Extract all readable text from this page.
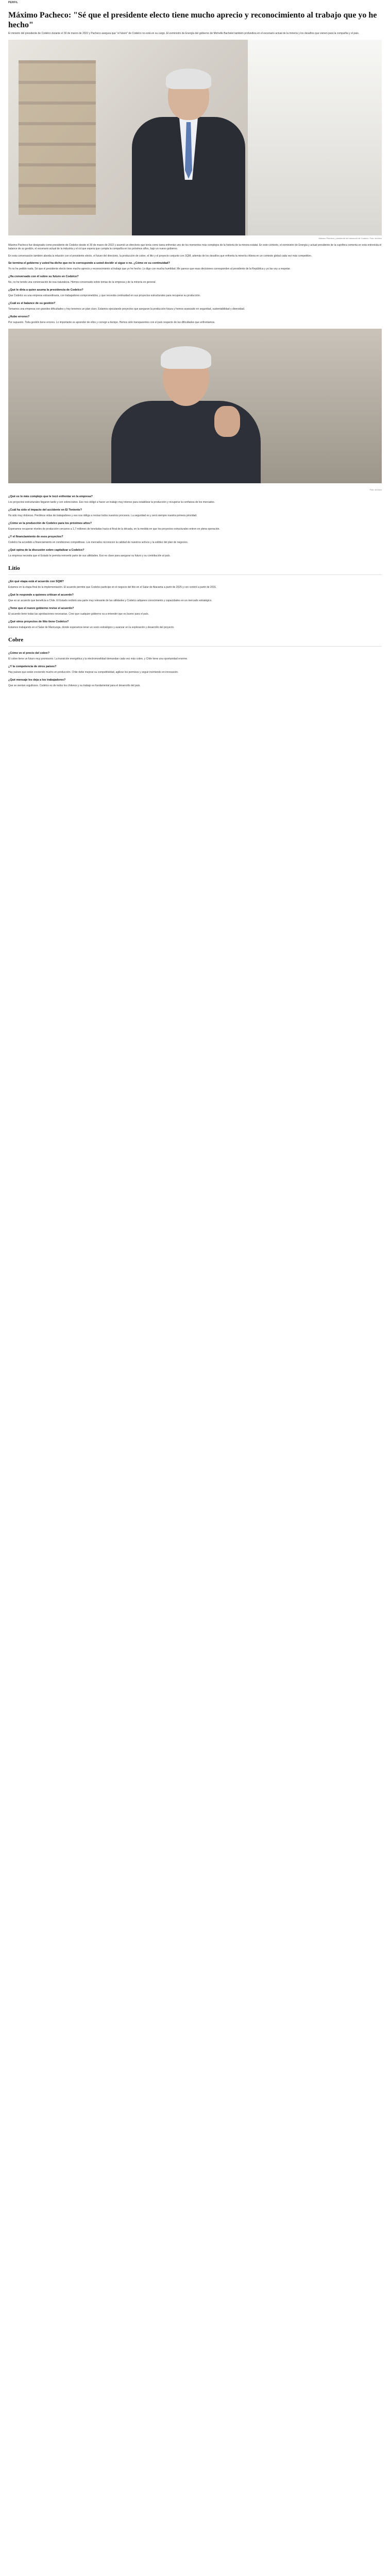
PERFIL
Máximo Pacheco: "Sé que el presidente electo tiene mucho aprecio y reconocimiento al trabajo que yo he hecho"

El ministro del presidente de Codelco durante el 30 de marzo de 2022 y Pacheco asegura que "el futuro" de Codelco no está en su cargo. El exministro de Energía del gobierno de Michelle Bachelet también profundiza en el escenario actual de la minería y los desafíos que vienen para la compañía y el país.

Máximo Pacheco, presidente del directorio de Codelco. Foto: Archivo

Máximo Pacheco fue designado como presidente de Codelco desde el 30 de marzo de 2022 y asumió un directorio que tenía como tarea enfrentar uno de los momentos más complejos de la historia de la minera estatal. En este contexto, el exministro de Energía y actual presidente de la cuprífera comenta en esta entrevista el balance de su gestión, el escenario actual de la industria y el rol que espera que cumpla la compañía en los próximos años, bajo un nuevo gobierno.

En esta conversación también aborda la relación con el presidente electo, el futuro del directorio, la producción de cobre, el litio y el proyecto conjunto con SQM, además de los desafíos que enfrenta la minería chilena en un contexto global cada vez más competitivo.

Se termina el gobierno y usted ha dicho que no le corresponde a usted decidir si sigue o no. ¿Cómo ve su continuidad?

Yo no he pedido nada. Sé que el presidente electo tiene mucho aprecio y reconocimiento al trabajo que yo he hecho. Lo digo con mucha humildad. Me parece que esas decisiones corresponden al presidente de la República y yo las voy a respetar.

¿Ha conversado con él sobre su futuro en Codelco?

No, no he tenido una conversación de esa naturaleza. Hemos conversado sobre temas de la empresa y de la minería en general.

¿Qué le diría a quien asuma la presidencia de Codelco?

Que Codelco es una empresa extraordinaria, con trabajadores comprometidos, y que necesita continuidad en sus proyectos estructurales para recuperar su producción.

¿Cuál es el balance de su gestión?

Tomamos una empresa con grandes dificultades y hoy tenemos un plan claro. Estamos ejecutando proyectos que aseguran la producción futura y hemos avanzado en seguridad, sustentabilidad y diversidad.

¿Hubo errores?

Por supuesto. Toda gestión tiene errores. Lo importante es aprender de ellos y corregir a tiempo. Hemos sido transparentes con el país respecto de las dificultades que enfrentamos.

Foto: Archivo

¿Qué es lo más complejo que le tocó enfrentar en la empresa?

Los proyectos estructurales llegaron tarde y con sobrecostos. Eso nos obligó a hacer un trabajo muy intenso para estabilizar la producción y recuperar la confianza de los mercados.

¿Cuál ha sido el impacto del accidente en El Teniente?

Ha sido muy doloroso. Perdimos vidas de trabajadores y eso nos obliga a revisar todos nuestros procesos. La seguridad es y será siempre nuestra primera prioridad.

¿Cómo ve la producción de Codelco para los próximos años?

Esperamos recuperar niveles de producción cercanos a 1,7 millones de toneladas hacia el final de la década, en la medida en que los proyectos estructurales entren en plena operación.

¿Y el financiamiento de esos proyectos?

Codelco ha accedido a financiamiento en condiciones competitivas. Los mercados reconocen la calidad de nuestros activos y la solidez del plan de negocios.

¿Qué opina de la discusión sobre capitalizar a Codelco?

La empresa necesita que el Estado le permita reinvertir parte de sus utilidades. Eso es clave para asegurar su futuro y su contribución al país.

Litio

¿En qué etapa está el acuerdo con SQM?

Estamos en la etapa final de la implementación. El acuerdo permite que Codelco participe en el negocio del litio en el Salar de Atacama a partir de 2025 y con control a partir de 2031.

¿Qué le responde a quienes critican el acuerdo?

Que es un acuerdo que beneficia a Chile. El Estado recibirá una parte muy relevante de las utilidades y Codelco adquiere conocimiento y capacidades en un mercado estratégico.

¿Teme que el nuevo gobierno revise el acuerdo?

El acuerdo tiene todas las aprobaciones necesarias. Creo que cualquier gobierno va a entender que es bueno para el país.

¿Qué otros proyectos de litio tiene Codelco?

Estamos trabajando en el Salar de Maricunga, donde esperamos tener un socio estratégico y avanzar en la exploración y desarrollo del proyecto.

Cobre

¿Cómo ve el precio del cobre?

El cobre tiene un futuro muy promisorio. La transición energética y la electromovilidad demandan cada vez más cobre, y Chile tiene una oportunidad enorme.

¿Y la competencia de otros países?

Hay países que están creciendo mucho en producción. Chile debe mejorar su competitividad, agilizar los permisos y seguir invirtiendo en innovación.

¿Qué mensaje les deja a los trabajadores?

Que se sientan orgullosos. Codelco es de todos los chilenos y su trabajo es fundamental para el desarrollo del país.
